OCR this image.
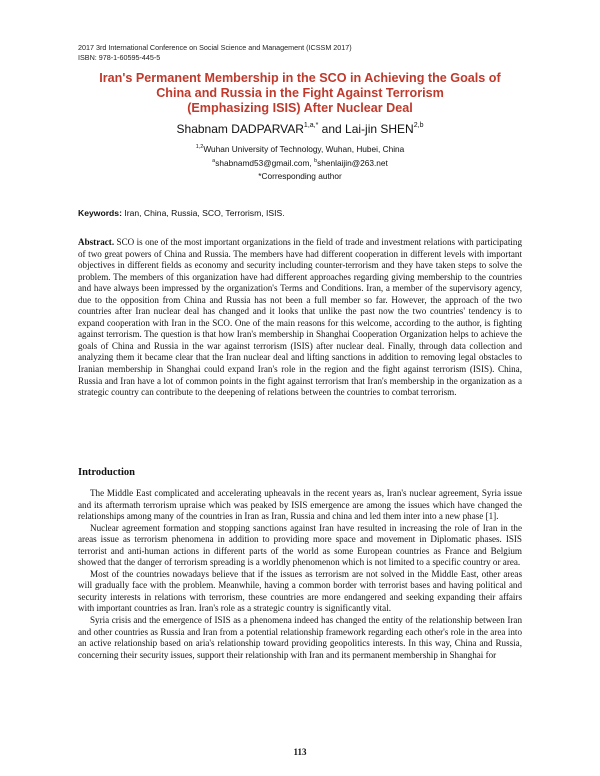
2017 3rd International Conference on Social Science and Management (ICSSM 2017)
ISBN: 978-1-60595-445-5
Iran's Permanent Membership in the SCO in Achieving the Goals of
China and Russia in the Fight Against Terrorism
(Emphasizing ISIS) After Nuclear Deal
Shabnam $DADPARVAR^{1,a,*}$ and Lai-jin SHEN$^{2,b}$
$^{1,2}$Wuhan University of Technology, Wuhan, Hubei, China
$^a$shabnamd53@gmail.com, $^b$shenlaijin@263.net
*Corresponding author
Keywords: Iran, China, Russia, SCO, Terrorism, ISIS.

Abstract. SCO is one of the most important organizations in the field of trade and investment relations with participating of two great powers of China and Russia. The members have had different cooperation in different levels with important objectives in different fields as economy and security including counter-terrorism and they have taken steps to solve the problem. The members of this organization have had different approaches regarding giving membership to the countries and have always been impressed by the organization's Terms and Conditions. Iran, a member of the supervisory agency, due to the opposition from China and Russia has not been a full member so far. However, the approach of the two countries after Iran nuclear deal has changed and it looks that unlike the past now the two countries' tendency is to expand cooperation with Iran in the SCO. One of the main reasons for this welcome, according to the author, is fighting against terrorism. The question is that how Iran's membership in Shanghai Cooperation Organization helps to achieve the goals of China and Russia in the war against terrorism (ISIS) after nuclear deal. Finally, through data collection and analyzing them it became clear that the Iran nuclear deal and lifting sanctions in addition to removing legal obstacles to Iranian membership in Shanghai could expand Iran's role in the region and the fight against terrorism (ISIS). China, Russia and Iran have a lot of common points in the fight against terrorism that Iran's membership in the organization as a strategic country can contribute to the deepening of relations between the countries to combat terrorism.

Introduction

The Middle East complicated and accelerating upheavals in the recent years as, Iran's nuclear agreement, Syria issue and its aftermath terrorism upraise which was peaked by ISIS emergence are among the issues which have changed the relationships among many of the countries in Iran as Iran, Russia and china and led them inter into a new phase [1].

Nuclear agreement formation and stopping sanctions against Iran have resulted in increasing the role of Iran in the areas issue as terrorism phenomena in addition to providing more space and movement in Diplomatic phases. ISIS terrorist and anti-human actions in different parts of the world as some European countries as France and Belgium showed that the danger of terrorism spreading is a worldly phenomenon which is not limited to a specific country or area.

Most of the countries nowadays believe that if the issues as terrorism are not solved in the Middle East, other areas will gradually face with the problem. Meanwhile, having a common border with terrorist bases and having political and security interests in relations with terrorism, these countries are more endangered and seeking expanding their affairs with important countries as Iran. Iran's role as a strategic country is significantly vital.

Syria crisis and the emergence of ISIS as a phenomena indeed has changed the entity of the relationship between Iran and other countries as Russia and Iran from a potential relationship framework regarding each other's role in the area into an active relationship based on aria's relationship toward providing geopolitics interests. In this way, China and Russia, concerning their security issues, support their relationship with Iran and its permanent membership in Shanghai for

113
